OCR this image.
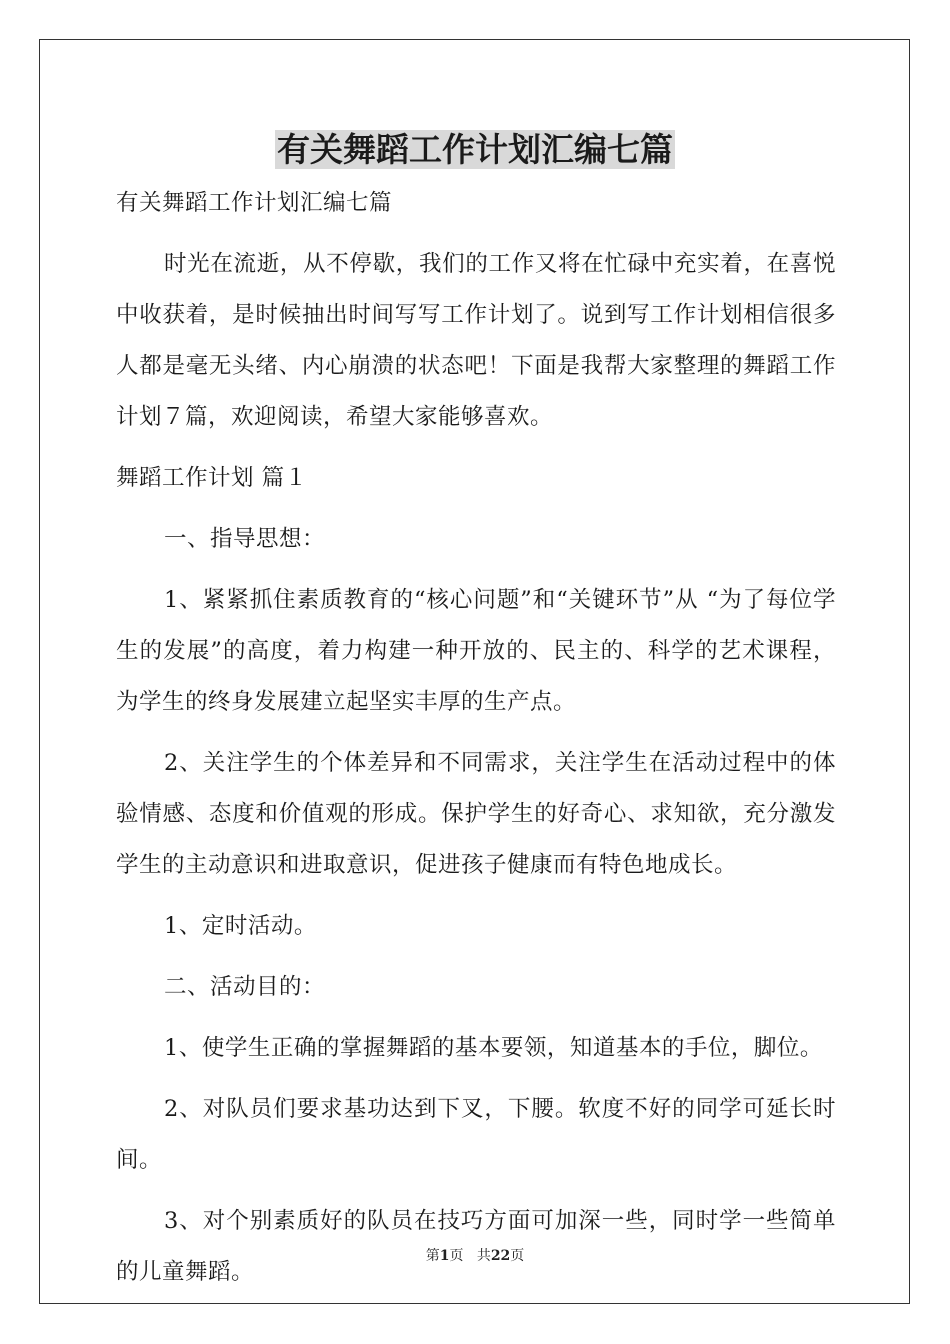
有关舞蹈工作计划汇编七篇

有关舞蹈工作计划汇编七篇

时光在流逝，从不停歇，我们的工作又将在忙碌中充实着，在喜悦中收获着，是时候抽出时间写写工作计划了。说到写工作计划相信很多人都是毫无头绪、内心崩溃的状态吧！下面是我帮大家整理的舞蹈工作计划７篇，欢迎阅读，希望大家能够喜欢。

舞蹈工作计划 篇１

一、指导思想：

1、紧紧抓住素质教育的“核心问题”和“关键环节”从 “为了每位学生的发展”的高度，着力构建一种开放的、民主的、科学的艺术课程，为学生的终身发展建立起坚实丰厚的生产点。

2、关注学生的个体差异和不同需求，关注学生在活动过程中的体验情感、态度和价值观的形成。保护学生的好奇心、求知欲，充分激发学生的主动意识和进取意识，促进孩子健康而有特色地成长。

1、定时活动。

二、活动目的：

1、使学生正确的掌握舞蹈的基本要领，知道基本的手位，脚位。

2、对队员们要求基功达到下叉，下腰。软度不好的同学可延长时间。

3、对个别素质好的队员在技巧方面可加深一些，同时学一些简单的儿童舞蹈。

第1页 共22页
